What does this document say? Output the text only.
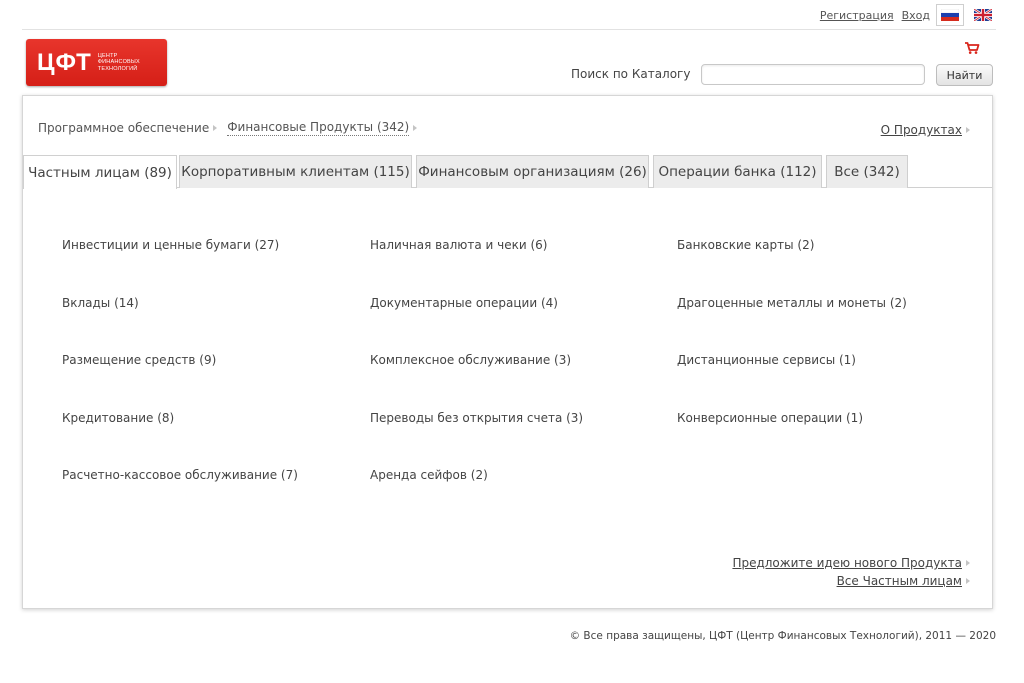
Регистрация Вход
ЦФТ ЦЕНТР
ФИНАНСОВЫХ
ТЕХНОЛОГИЙ	Поиск по Каталогу	Найти
Программное обеспечение Финансовые Продукты (342)	О Продуктах
Частным лицам (89) Корпоративным клиентам (115) Финансовым организациям (26) Операции банка (112)	Все (342)
Инвестиции и ценные бумаги (27)
Вклады (14)
Размещение средств (9)
Кредитование (8)
Расчетно-кассовое обслуживание (7)
Наличная валюта и чеки (6)
Документарные операции (4)
Комплексное обслуживание (3)
Переводы без открытия счета (3)
Аренда сейфов (2)
Банковские карты (2)
Драгоценные металлы и монеты (2)
Дистанционные сервисы (1)
Конверсионные операции (1)
Предложите идею нового Продукта
Все Частным лицам
© Все права защищены, ЦФТ (Центр Финансовых Технологий), 2011 — 2020
